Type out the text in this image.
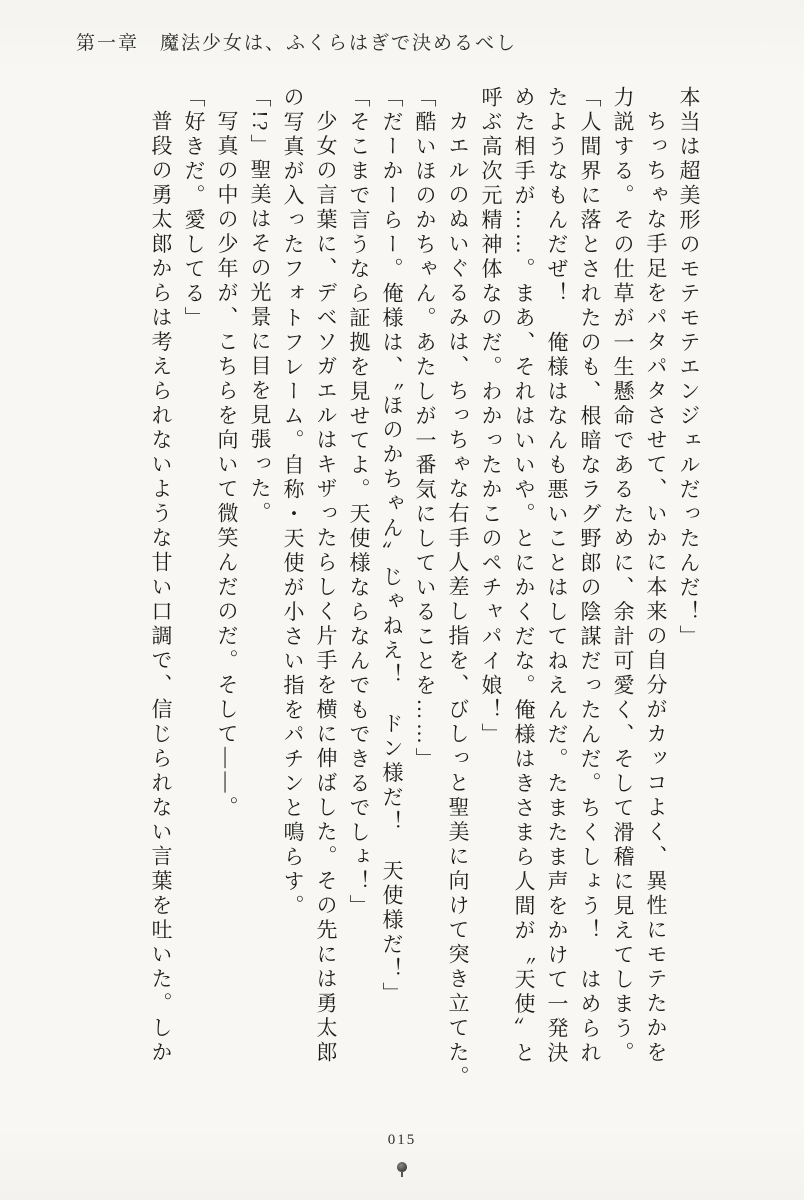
第一章　魔法少女は、ふくらはぎで決めるべし

本当は超美形のモテモテエンジェルだったんだ！」

ちっちゃな手足をパタパタさせて、いかに本来の自分がカッコよく、異性にモテたかを

力説する。その仕草が一生懸命であるために、余計可愛く、そして滑稽に見えてしまう。

「人間界に落とされたのも、根暗なラグ野郎の陰謀だったんだ。ちくしょう！　はめられ

たようなもんだぜ！　俺様はなんも悪いことはしてねえんだ。たまたま声をかけて一発決

めた相手が……。まあ、それはいいや。とにかくだな。俺様はきさまら人間が〝天使〟と

呼ぶ高次元精神体なのだ。わかったかこのペチャパイ娘！」

カエルのぬいぐるみは、ちっちゃな右手人差し指を、びしっと聖美に向けて突き立てた。

「酷いほのかちゃん。あたしが一番気にしていることを……」

「だーかーらー。俺様は、〝ほのかちゃん〟じゃねえ！　ドン様だ！　天使様だ！」

「そこまで言うなら証拠を見せてよ。天使様ならなんでもできるでしょ！」

少女の言葉に、デベソガエルはキザったらしく片手を横に伸ばした。その先には勇太郎

の写真が入ったフォトフレーム。自称・天使が小さい指をパチンと鳴らす。

「!?」聖美はその光景に目を見張った。

写真の中の少年が、こちらを向いて微笑んだのだ。そして――。

「好きだ。愛してる」

普段の勇太郎からは考えられないような甘い口調で、信じられない言葉を吐いた。しか

015
